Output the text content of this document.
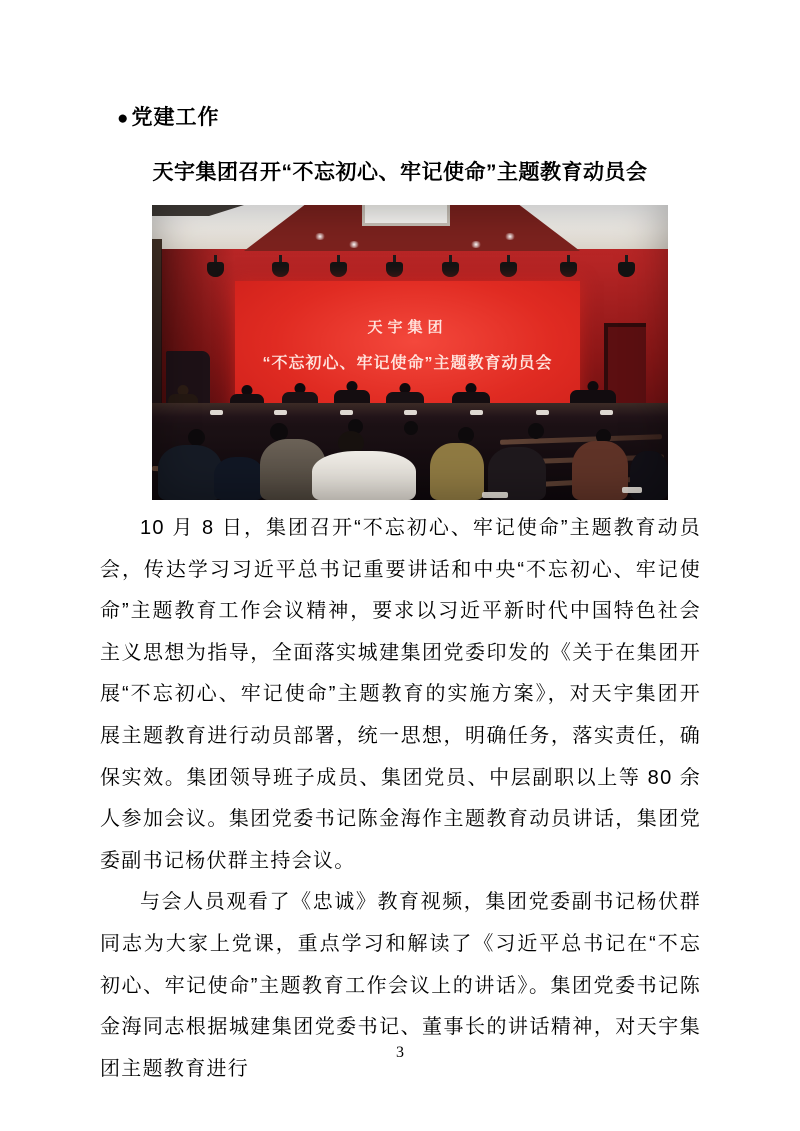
●党建工作
天宇集团召开“不忘初心、牢记使命”主题教育动员会
天宇集团
“不忘初心、牢记使命”主题教育动员会

10 月 8 日，集团召开“不忘初心、牢记使命”主题教育动员会，传达学习习近平总书记重要讲话和中央“不忘初心、牢记使命”主题教育工作会议精神，要求以习近平新时代中国特色社会主义思想为指导，全面落实城建集团党委印发的《关于在集团开展“不忘初心、牢记使命”主题教育的实施方案》，对天宇集团开展主题教育进行动员部署，统一思想，明确任务，落实责任，确保实效。集团领导班子成员、集团党员、中层副职以上等 80 余人参加会议。集团党委书记陈金海作主题教育动员讲话，集团党委副书记杨伏群主持会议。

与会人员观看了《忠诚》教育视频，集团党委副书记杨伏群同志为大家上党课，重点学习和解读了《习近平总书记在“不忘初心、牢记使命”主题教育工作会议上的讲话》。集团党委书记陈金海同志根据城建集团党委书记、董事长的讲话精神，对天宇集团主题教育进行

3
